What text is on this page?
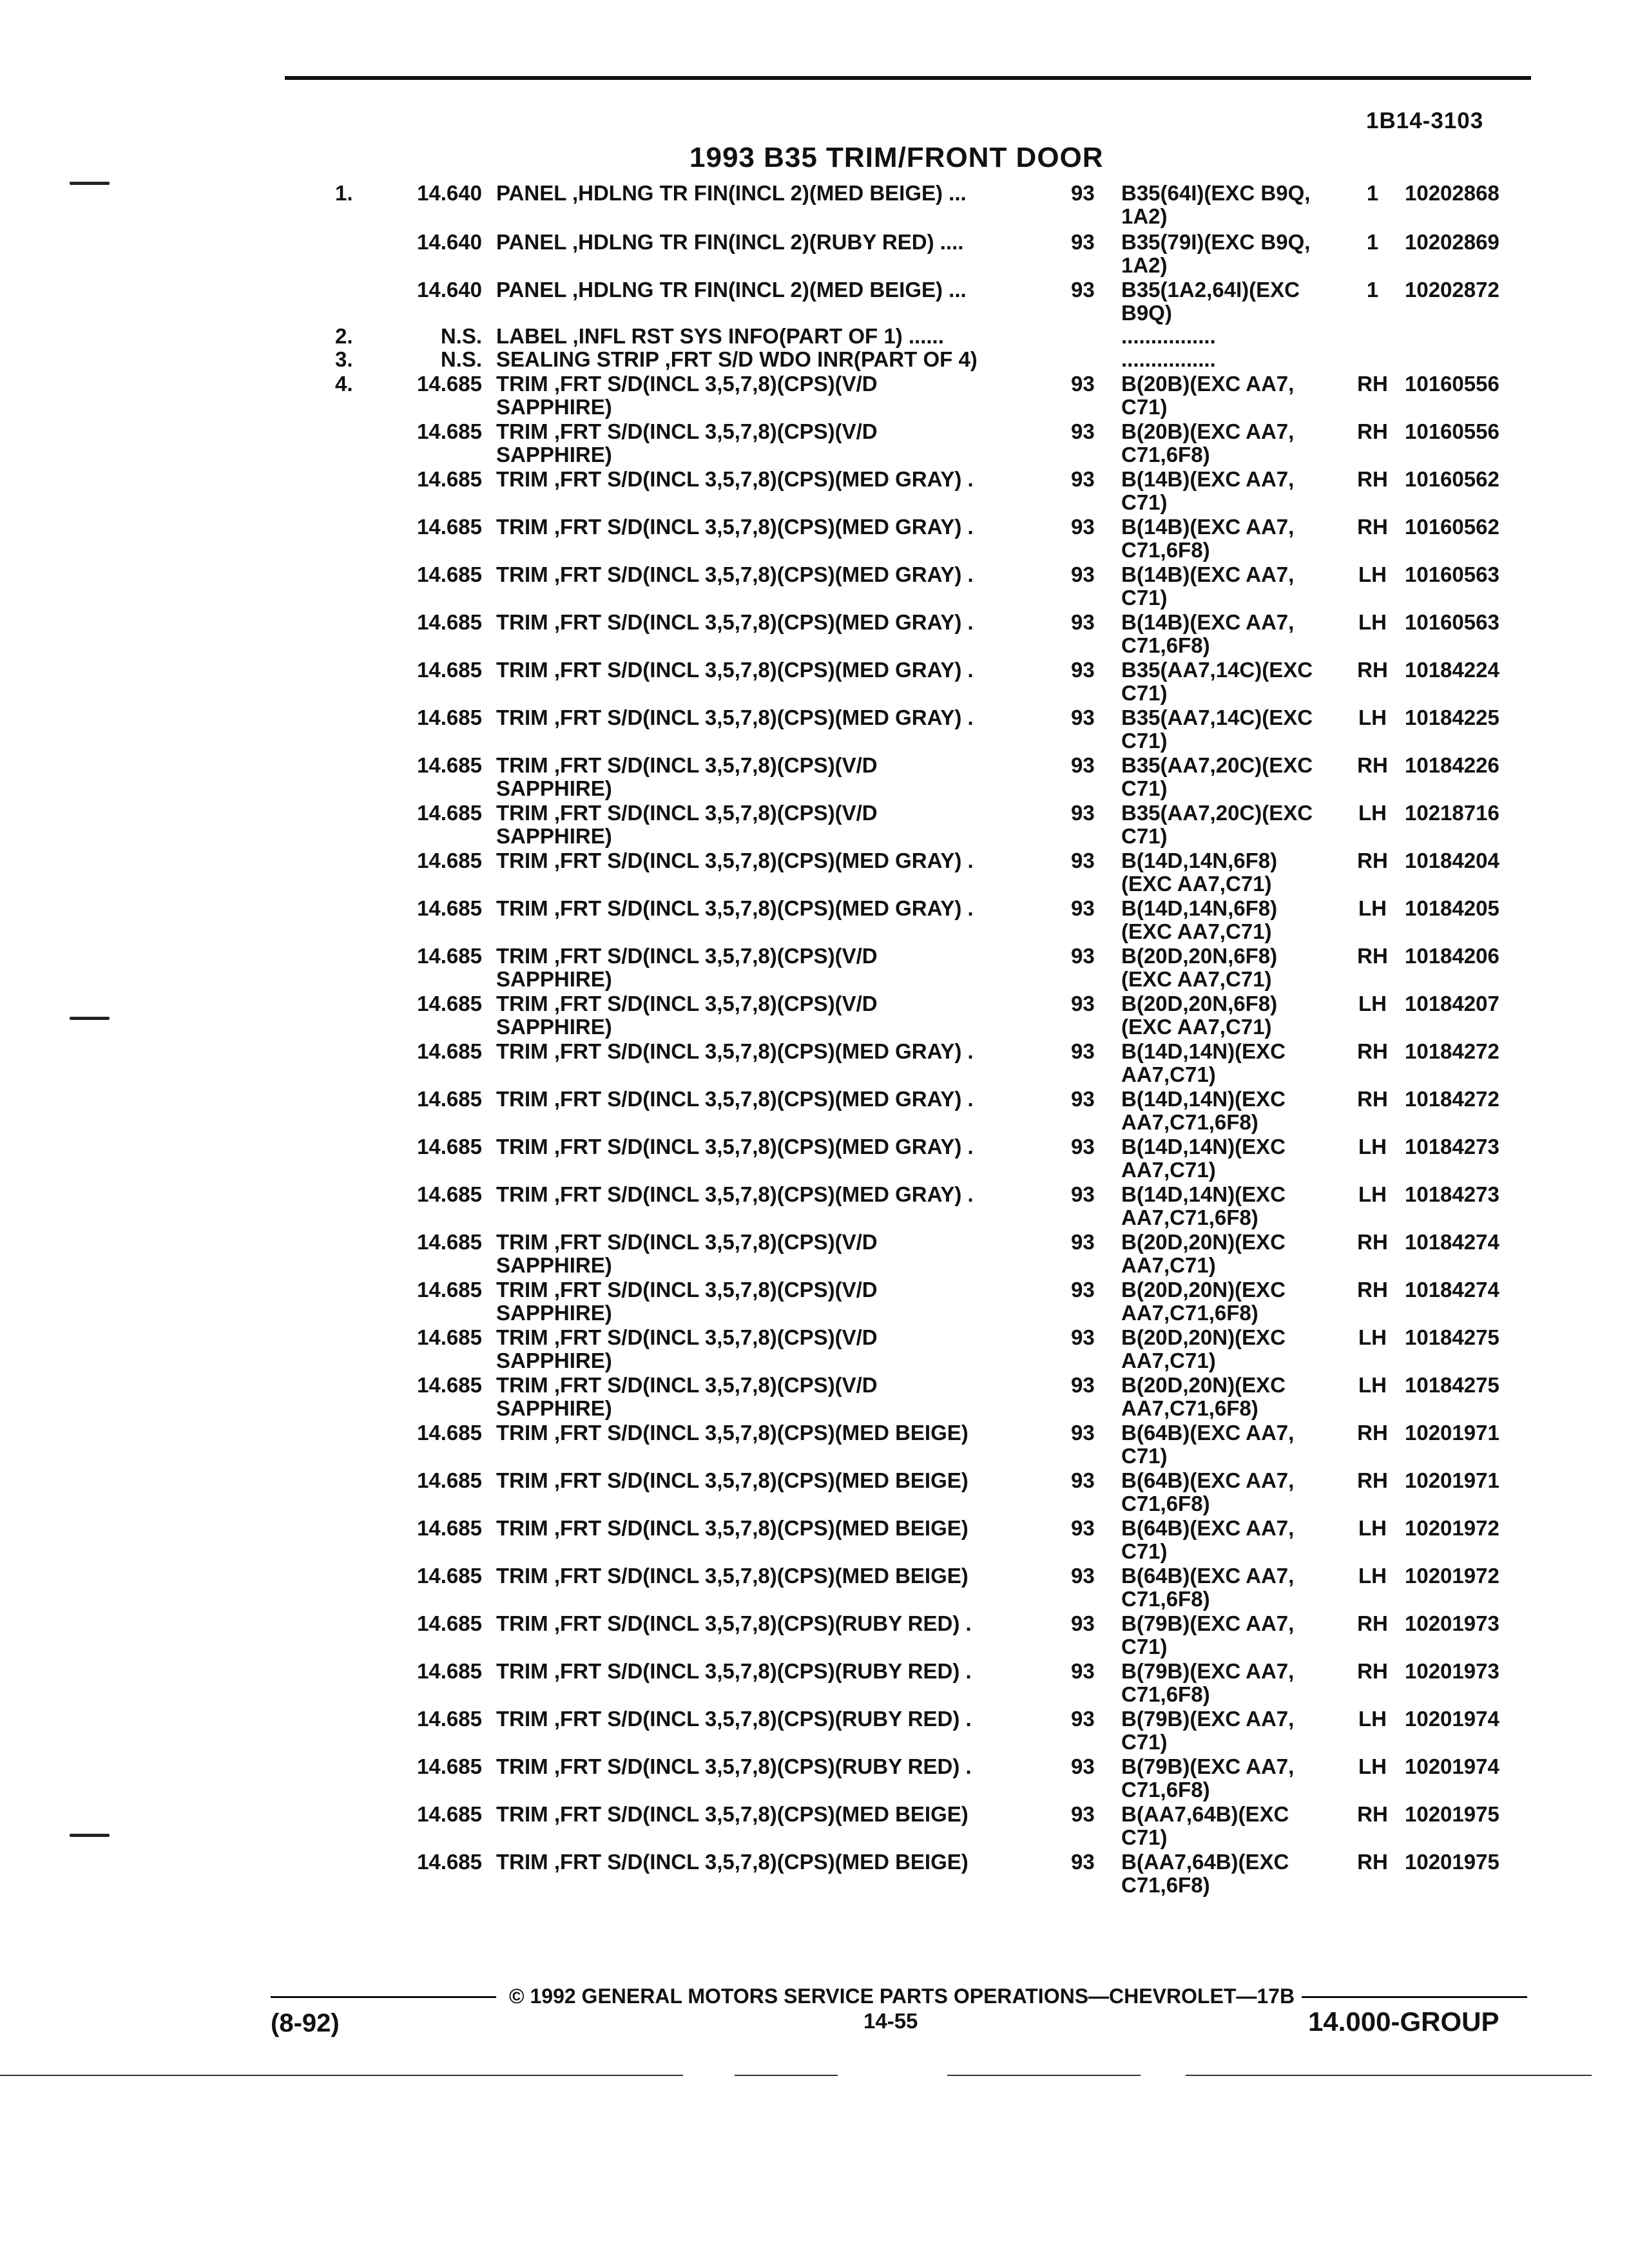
1B14-3103
1993 B35 TRIM/FRONT DOOR
1.	14.640 PANEL ,HDLNG TR FIN(INCL 2)(MED BEIGE) ...	93	B35(64I)(EXC B9Q,
1A2)
1	10202868
14.640 PANEL ,HDLNG TR FIN(INCL 2)(RUBY RED) ....	93	B35(79I)(EXC B9Q,
1A2)
1	10202869
14.640 PANEL ,HDLNG TR FIN(INCL 2)(MED BEIGE) ...	93	B35(1A2,64I)(EXC
B9Q)
1	10202872
2.	N.S. LABEL ,INFL RST SYS INFO(PART OF 1) ......	................
3.	N.S. SEALING STRIP ,FRT S/D WDO INR(PART OF 4)	................
4.	14.685 TRIM ,FRT S/D(INCL 3,5,7,8)(CPS)(V/D
SAPPHIRE)
93	B(20B)(EXC AA7,
C71)
RH 10160556
14.685 TRIM ,FRT S/D(INCL 3,5,7,8)(CPS)(V/D
SAPPHIRE)
93	B(20B)(EXC AA7,
C71,6F8)
RH 10160556
14.685 TRIM ,FRT S/D(INCL 3,5,7,8)(CPS)(MED GRAY) .	93	B(14B)(EXC AA7,
C71)
RH 10160562
14.685 TRIM ,FRT S/D(INCL 3,5,7,8)(CPS)(MED GRAY) .	93	B(14B)(EXC AA7,
C71,6F8)
RH 10160562
14.685 TRIM ,FRT S/D(INCL 3,5,7,8)(CPS)(MED GRAY) .	93	B(14B)(EXC AA7,
C71)
LH 10160563
14.685 TRIM ,FRT S/D(INCL 3,5,7,8)(CPS)(MED GRAY) .	93	B(14B)(EXC AA7,
C71,6F8)
LH 10160563
14.685 TRIM ,FRT S/D(INCL 3,5,7,8)(CPS)(MED GRAY) .	93	B35(AA7,14C)(EXC
C71)
RH 10184224
14.685 TRIM ,FRT S/D(INCL 3,5,7,8)(CPS)(MED GRAY) .	93	B35(AA7,14C)(EXC
C71)
LH 10184225
14.685 TRIM ,FRT S/D(INCL 3,5,7,8)(CPS)(V/D
SAPPHIRE)
93	B35(AA7,20C)(EXC
C71)
RH 10184226
14.685 TRIM ,FRT S/D(INCL 3,5,7,8)(CPS)(V/D
SAPPHIRE)
93	B35(AA7,20C)(EXC
C71)
LH 10218716
14.685 TRIM ,FRT S/D(INCL 3,5,7,8)(CPS)(MED GRAY) .	93	B(14D,14N,6F8)
(EXC AA7,C71)
RH 10184204
14.685 TRIM ,FRT S/D(INCL 3,5,7,8)(CPS)(MED GRAY) .	93	B(14D,14N,6F8)
(EXC AA7,C71)
LH 10184205
14.685 TRIM ,FRT S/D(INCL 3,5,7,8)(CPS)(V/D
SAPPHIRE)
93	B(20D,20N,6F8)
(EXC AA7,C71)
RH 10184206
14.685 TRIM ,FRT S/D(INCL 3,5,7,8)(CPS)(V/D
SAPPHIRE)
93	B(20D,20N,6F8)
(EXC AA7,C71)
LH 10184207
14.685 TRIM ,FRT S/D(INCL 3,5,7,8)(CPS)(MED GRAY) .	93	B(14D,14N)(EXC
AA7,C71)
RH 10184272
14.685 TRIM ,FRT S/D(INCL 3,5,7,8)(CPS)(MED GRAY) .	93	B(14D,14N)(EXC
AA7,C71,6F8)
RH 10184272
14.685 TRIM ,FRT S/D(INCL 3,5,7,8)(CPS)(MED GRAY) .	93	B(14D,14N)(EXC
AA7,C71)
LH 10184273
14.685 TRIM ,FRT S/D(INCL 3,5,7,8)(CPS)(MED GRAY) .	93	B(14D,14N)(EXC
AA7,C71,6F8)
LH 10184273
14.685 TRIM ,FRT S/D(INCL 3,5,7,8)(CPS)(V/D
SAPPHIRE)
93	B(20D,20N)(EXC
AA7,C71)
RH 10184274
14.685 TRIM ,FRT S/D(INCL 3,5,7,8)(CPS)(V/D
SAPPHIRE)
93	B(20D,20N)(EXC
AA7,C71,6F8)
RH 10184274
14.685 TRIM ,FRT S/D(INCL 3,5,7,8)(CPS)(V/D
SAPPHIRE)
93	B(20D,20N)(EXC
AA7,C71)
LH 10184275
14.685 TRIM ,FRT S/D(INCL 3,5,7,8)(CPS)(V/D
SAPPHIRE)
93	B(20D,20N)(EXC
AA7,C71,6F8)
LH 10184275
14.685 TRIM ,FRT S/D(INCL 3,5,7,8)(CPS)(MED BEIGE)	93	B(64B)(EXC AA7,
C71)
RH 10201971
14.685 TRIM ,FRT S/D(INCL 3,5,7,8)(CPS)(MED BEIGE)	93	B(64B)(EXC AA7,
C71,6F8)
RH 10201971
14.685 TRIM ,FRT S/D(INCL 3,5,7,8)(CPS)(MED BEIGE)	93	B(64B)(EXC AA7,
C71)
LH 10201972
14.685 TRIM ,FRT S/D(INCL 3,5,7,8)(CPS)(MED BEIGE)	93	B(64B)(EXC AA7,
C71,6F8)
LH 10201972
14.685 TRIM ,FRT S/D(INCL 3,5,7,8)(CPS)(RUBY RED) .	93	B(79B)(EXC AA7,
C71)
RH 10201973
14.685 TRIM ,FRT S/D(INCL 3,5,7,8)(CPS)(RUBY RED) .	93	B(79B)(EXC AA7,
C71,6F8)
RH 10201973
14.685 TRIM ,FRT S/D(INCL 3,5,7,8)(CPS)(RUBY RED) .	93	B(79B)(EXC AA7,
C71)
LH 10201974
14.685 TRIM ,FRT S/D(INCL 3,5,7,8)(CPS)(RUBY RED) .	93	B(79B)(EXC AA7,
C71,6F8)
LH 10201974
14.685 TRIM ,FRT S/D(INCL 3,5,7,8)(CPS)(MED BEIGE)	93	B(AA7,64B)(EXC
C71)
RH 10201975
14.685 TRIM ,FRT S/D(INCL 3,5,7,8)(CPS)(MED BEIGE)	93	B(AA7,64B)(EXC
C71,6F8)
RH 10201975
© 1992 GENERAL MOTORS SERVICE PARTS OPERATIONS—CHEVROLET—17B
(8-92)	14-55	14.000-GROUP
